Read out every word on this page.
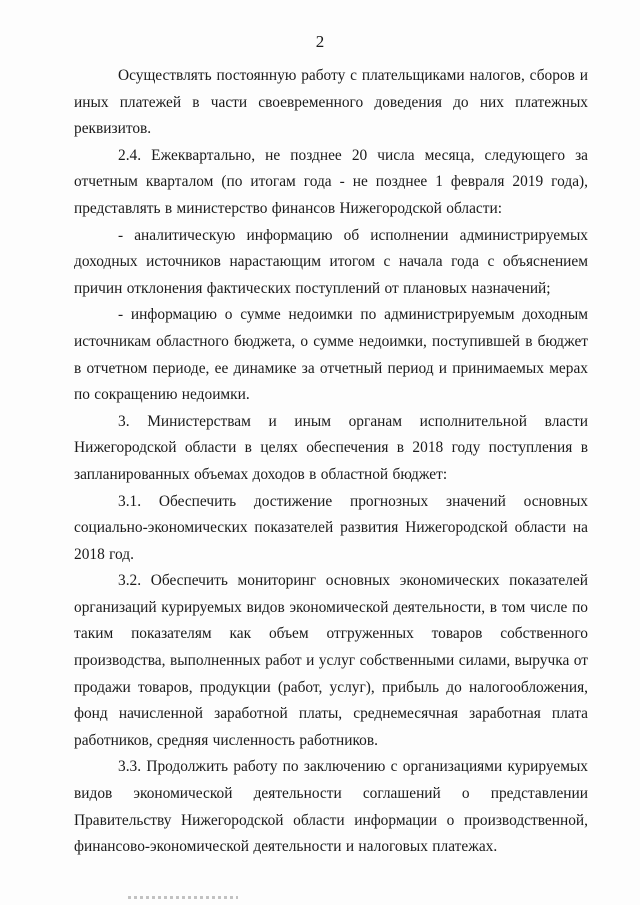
2

Осуществлять постоянную работу с плательщиками налогов, сборов и иных платежей в части своевременного доведения до них платежных реквизитов.

2.4. Ежеквартально, не позднее 20 числа месяца, следующего за отчетным кварталом (по итогам года - не позднее 1 февраля 2019 года), представлять в министерство финансов Нижегородской области:

- аналитическую информацию об исполнении администрируемых доходных источников нарастающим итогом с начала года с объяснением причин отклонения фактических поступлений от плановых назначений;

- информацию о сумме недоимки по администрируемым доходным источникам областного бюджета, о сумме недоимки, поступившей в бюджет в отчетном периоде, ее динамике за отчетный период и принимаемых мерах по сокращению недоимки.

3. Министерствам и иным органам исполнительной власти Нижегородской области в целях обеспечения в 2018 году поступления в запланированных объемах доходов в областной бюджет:

3.1. Обеспечить достижение прогнозных значений основных социально-экономических показателей развития Нижегородской области на 2018 год.

3.2. Обеспечить мониторинг основных экономических показателей организаций курируемых видов экономической деятельности, в том числе по таким показателям как объем отгруженных товаров собственного производства, выполненных работ и услуг собственными силами, выручка от продажи товаров, продукции (работ, услуг), прибыль до налогообложения, фонд начисленной заработной платы, среднемесячная заработная плата работников, средняя численность работников.

3.3. Продолжить работу по заключению с организациями курируемых видов экономической деятельности соглашений о представлении Правительству Нижегородской области информации о производственной, финансово-экономической деятельности и налоговых платежах.
